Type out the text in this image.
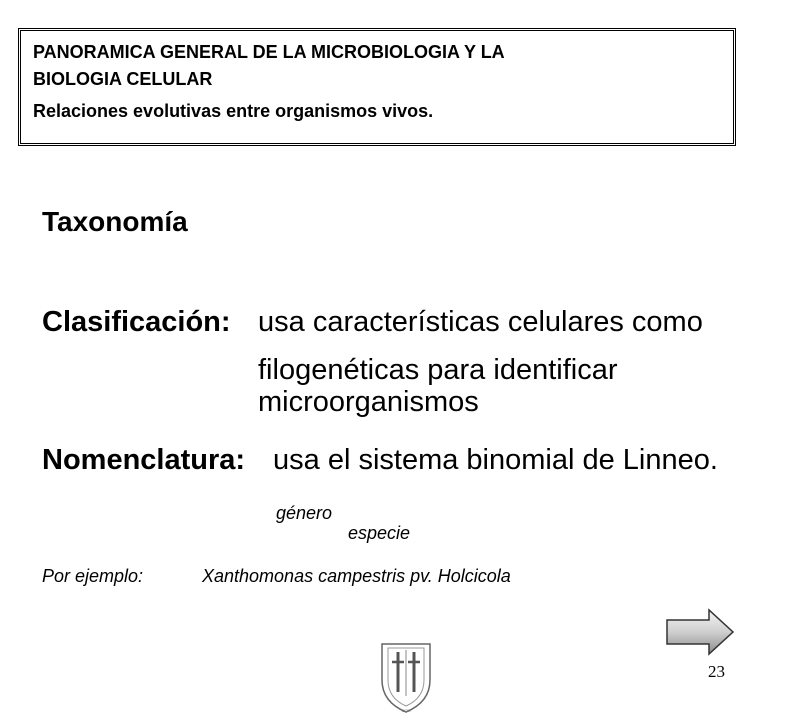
PANORAMICA GENERAL DE LA MICROBIOLOGIA Y LA
BIOLOGIA CELULAR
Relaciones evolutivas entre organismos vivos.
Taxonomía
Clasificación: usa características celulares como
filogenéticas para identificar
microorganismos
Nomenclatura: usa el sistema binomial de Linneo.
género
especie
Por ejemplo:	Xanthomonas campestris pv. Holcicola
UCM
23
